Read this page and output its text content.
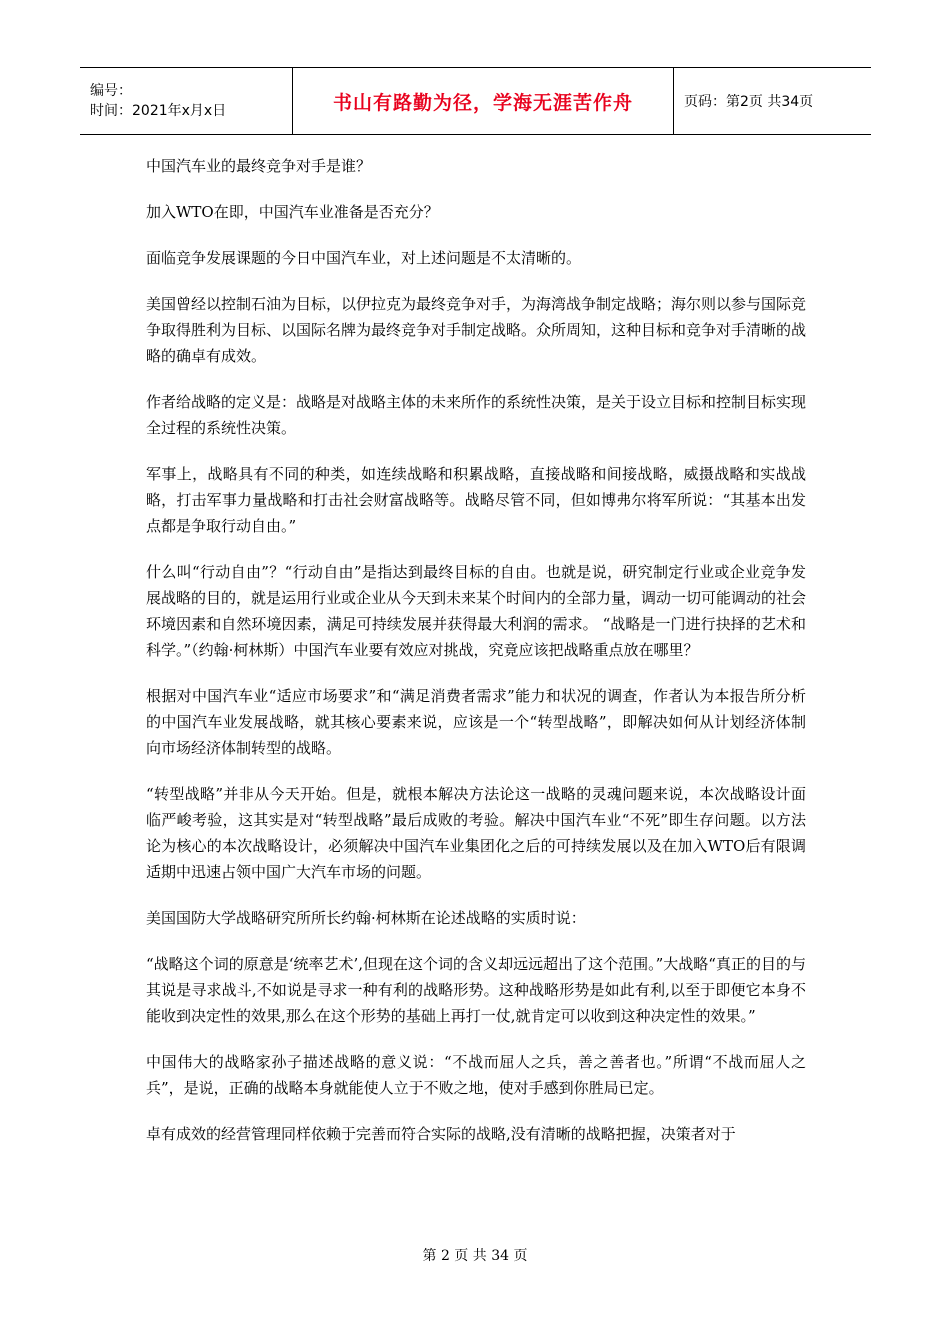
编号：
时间：2021年x月x日	书山有路勤为径，学海无涯苦作舟	页码：第2页 共34页

中国汽车业的最终竞争对手是谁？

加入WTO在即，中国汽车业准备是否充分？

面临竞争发展课题的今日中国汽车业，对上述问题是不太清晰的。

美国曾经以控制石油为目标，以伊拉克为最终竞争对手，为海湾战争制定战略；海尔则以参与国际竞争取得胜利为目标、以国际名牌为最终竞争对手制定战略。众所周知，这种目标和竞争对手清晰的战略的确卓有成效。

作者给战略的定义是：战略是对战略主体的未来所作的系统性决策，是关于设立目标和控制目标实现全过程的系统性决策。

军事上，战略具有不同的种类，如连续战略和积累战略，直接战略和间接战略，威摄战略和实战战略，打击军事力量战略和打击社会财富战略等。战略尽管不同，但如博弗尔将军所说：“其基本出发点都是争取行动自由。”

什么叫“行动自由”？“行动自由”是指达到最终目标的自由。也就是说，研究制定行业或企业竞争发展战略的目的，就是运用行业或企业从今天到未来某个时间内的全部力量，调动一切可能调动的社会环境因素和自然环境因素，满足可持续发展并获得最大利润的需求。 “战略是一门进行抉择的艺术和科学。”（约翰·柯林斯）中国汽车业要有效应对挑战，究竟应该把战略重点放在哪里？

根据对中国汽车业“适应市场要求”和“满足消费者需求”能力和状况的调查，作者认为本报告所分析的中国汽车业发展战略，就其核心要素来说，应该是一个“转型战略”，即解决如何从计划经济体制向市场经济体制转型的战略。

“转型战略”并非从今天开始。但是，就根本解决方法论这一战略的灵魂问题来说，本次战略设计面临严峻考验，这其实是对“转型战略”最后成败的考验。解决中国汽车业“不死”即生存问题。以方法论为核心的本次战略设计，必须解决中国汽车业集团化之后的可持续发展以及在加入WTO后有限调适期中迅速占领中国广大汽车市场的问题。

美国国防大学战略研究所所长约翰·柯林斯在论述战略的实质时说：

“战略这个词的原意是‘统率艺术’,但现在这个词的含义却远远超出了这个范围。”大战略“真正的目的与其说是寻求战斗,不如说是寻求一种有利的战略形势。这种战略形势是如此有利,以至于即便它本身不能收到决定性的效果,那么在这个形势的基础上再打一仗,就肯定可以收到这种决定性的效果。”

中国伟大的战略家孙子描述战略的意义说：“不战而屈人之兵，善之善者也。”所谓“不战而屈人之兵”，是说，正确的战略本身就能使人立于不败之地，使对手感到你胜局已定。

卓有成效的经营管理同样依赖于完善而符合实际的战略,没有清晰的战略把握，决策者对于

第 2 页 共 34 页
